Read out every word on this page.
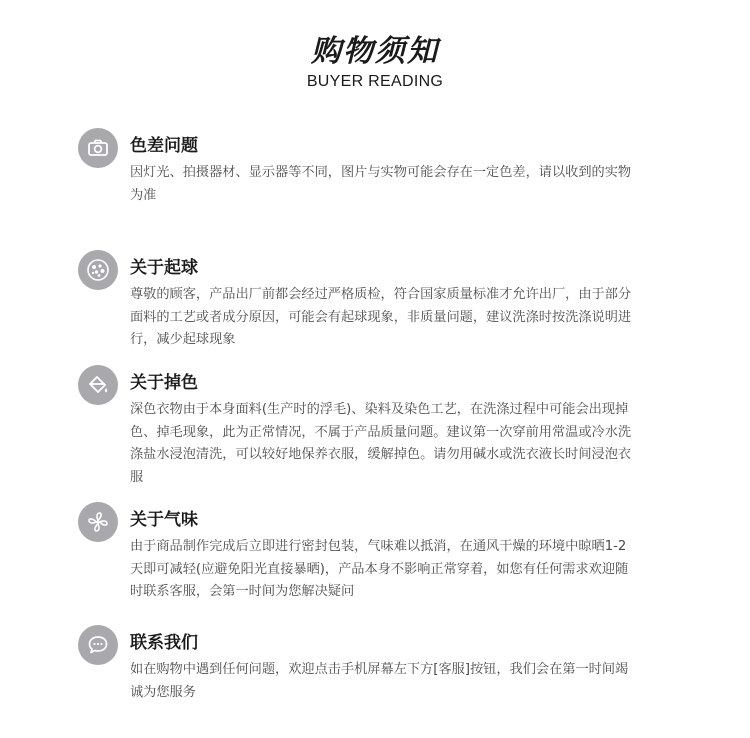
购物须知
BUYER READING
色差问题
因灯光、拍摄器材、显示器等不同，图片与实物可能会存在一定色差，请以收到的实物为准
关于起球
尊敬的顾客，产品出厂前都会经过严格质检，符合国家质量标准才允许出厂，由于部分面料的工艺或者成分原因，可能会有起球现象，非质量问题，建议洗涤时按洗涤说明进行，减少起球现象
关于掉色
深色衣物由于本身面料(生产时的浮毛)、染料及染色工艺，在洗涤过程中可能会出现掉色、掉毛现象，此为正常情况，不属于产品质量问题。建议第一次穿前用常温或冷水洗涤盐水浸泡清洗，可以较好地保养衣服，缓解掉色。请勿用碱水或洗衣液长时间浸泡衣服
关于气味
由于商品制作完成后立即进行密封包装，气味难以抵消，在通风干燥的环境中晾晒1-2天即可减轻(应避免阳光直接暴晒)，产品本身不影响正常穿着，如您有任何需求欢迎随时联系客服，会第一时间为您解决疑问
联系我们
如在购物中遇到任何问题，欢迎点击手机屏幕左下方[客服]按钮，我们会在第一时间竭诚为您服务
